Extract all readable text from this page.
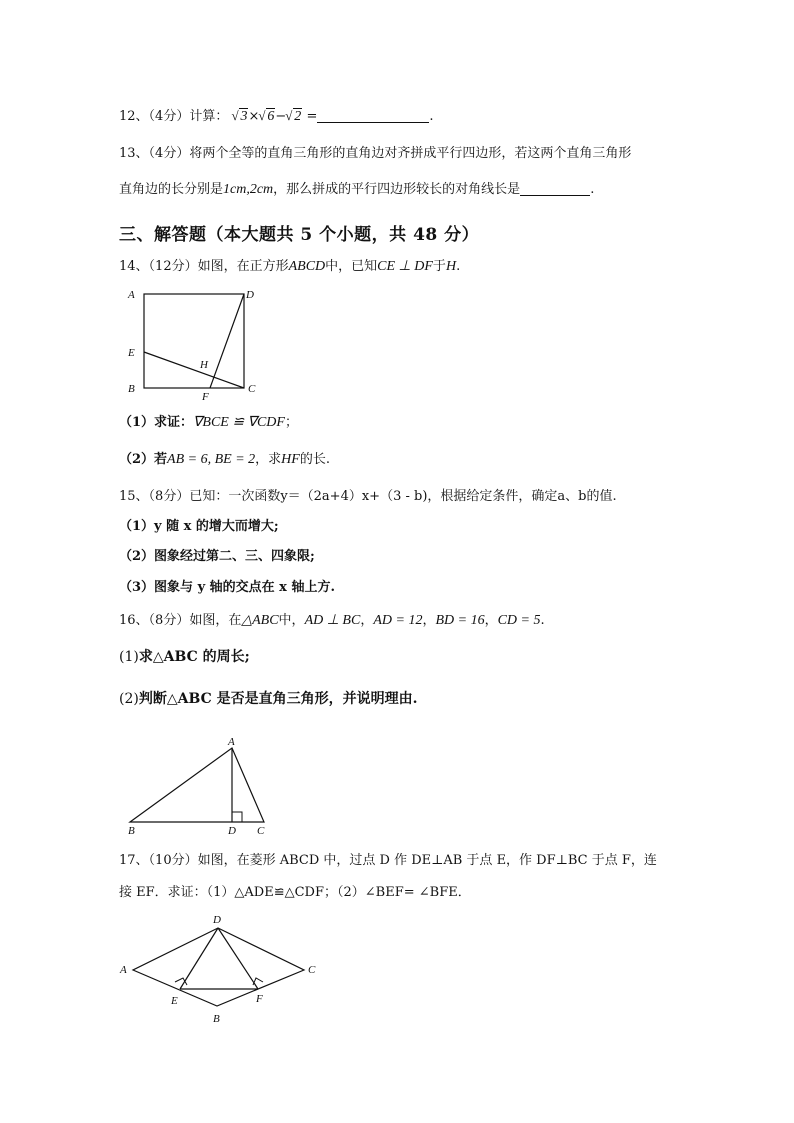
12、（4分）计算： √ 3× √ 6− √ 2 =	.
13、（4分）将两个全等的直角三角形的直角边对齐拼成平行四边形，若这两个直角三角形
直角边的长分别是1cm,2cm，那么拼成的平行四边形较长的对角线长是	.
三、解答题（本大题共 5 个小题，共 48 分）
14、（12分）如图，在正方形ABCD中，已知CE ⊥ DF于H.
A	D
E
H
B
F
C
（1）求证：∇BCE ≌ ∇CDF；
（2）若AB = 6, BE = 2，求HF的长.
15、（8分）已知：一次函数y＝（2a+4）x+（3 - b)，根据给定条件，确定a、b的值.
（1）y 随 x 的增大而增大;
（2）图象经过第二、三、四象限;
（3）图象与 y 轴的交点在 x 轴上方.
16、（8分）如图，在△ABC中，AD ⊥ BC，AD = 12，BD = 16，CD = 5.
(1)求△ABC 的周长;
(2)判断△ABC 是否是直角三角形，并说明理由.
A
B	D C
17、（10分）如图，在菱形 ABCD 中，过点 D 作 DE⊥AB 于点 E，作 DF⊥BC 于点 F，连
接 EF．求证：（1）△ADE≌△CDF；（2）∠BEF= ∠BFE．
D
A	C
E	F
B
